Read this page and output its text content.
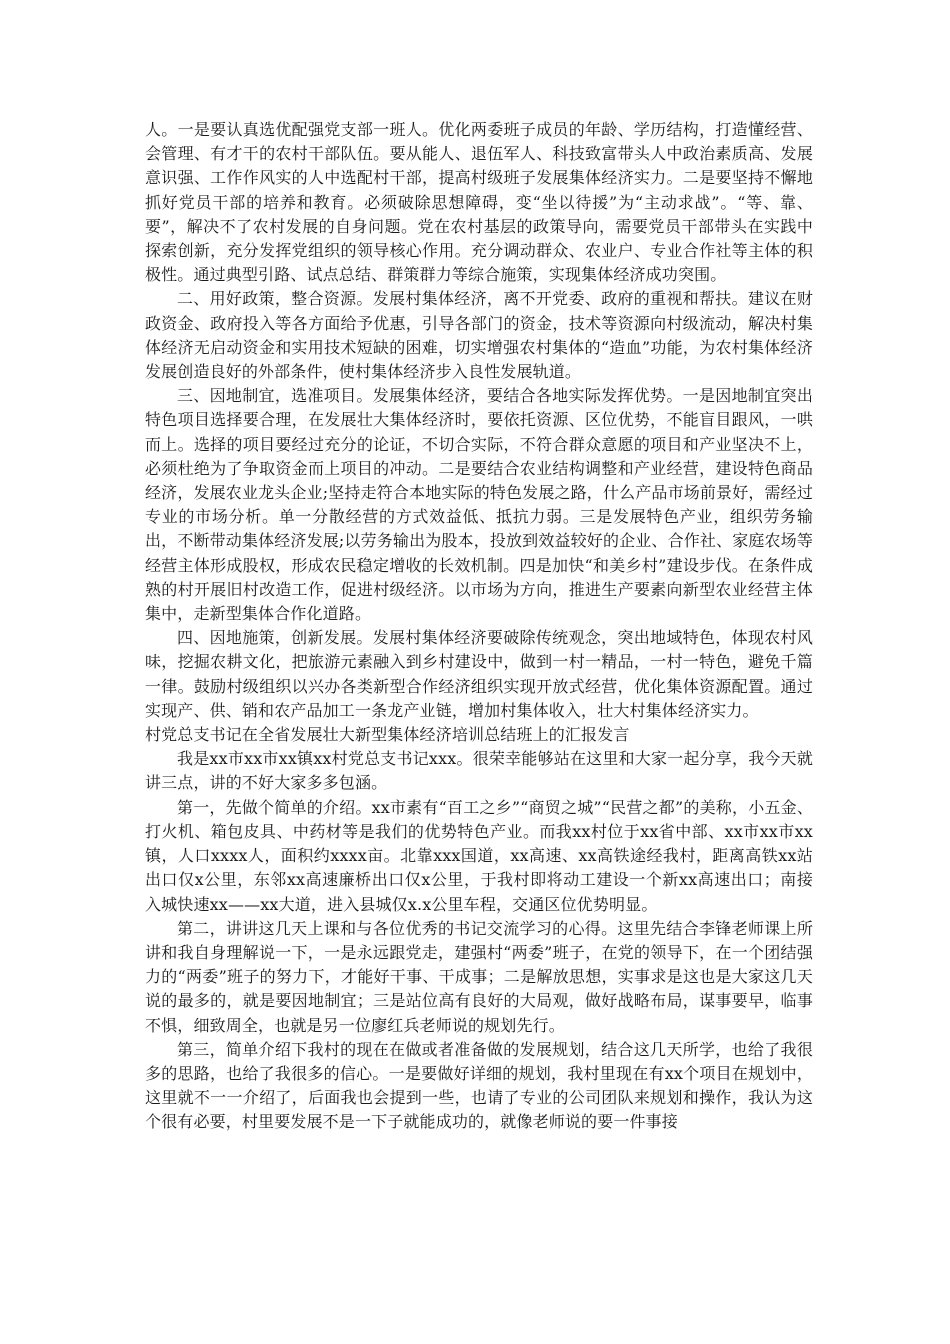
人。一是要认真选优配强党支部一班人。优化两委班子成员的年龄、学历结构，打造懂经营、会管理、有才干的农村干部队伍。要从能人、退伍军人、科技致富带头人中政治素质高、发展意识强、工作作风实的人中选配村干部，提高村级班子发展集体经济实力。二是要坚持不懈地抓好党员干部的培养和教育。必须破除思想障碍，变“坐以待援”为“主动求战”。“等、靠、要”，解决不了农村发展的自身问题。党在农村基层的政策导向，需要党员干部带头在实践中探索创新，充分发挥党组织的领导核心作用。充分调动群众、农业户、专业合作社等主体的积极性。通过典型引路、试点总结、群策群力等综合施策，实现集体经济成功突围。

二、用好政策，整合资源。发展村集体经济，离不开党委、政府的重视和帮扶。建议在财政资金、政府投入等各方面给予优惠，引导各部门的资金，技术等资源向村级流动，解决村集体经济无启动资金和实用技术短缺的困难，切实增强农村集体的“造血”功能，为农村集体经济发展创造良好的外部条件，使村集体经济步入良性发展轨道。

三、因地制宜，选准项目。发展集体经济，要结合各地实际发挥优势。一是因地制宜突出特色项目选择要合理，在发展壮大集体经济时，要依托资源、区位优势，不能盲目跟风，一哄而上。选择的项目要经过充分的论证，不切合实际，不符合群众意愿的项目和产业坚决不上，必须杜绝为了争取资金而上项目的冲动。二是要结合农业结构调整和产业经营，建设特色商品经济，发展农业龙头企业;坚持走符合本地实际的特色发展之路，什么产品市场前景好，需经过专业的市场分析。单一分散经营的方式效益低、抵抗力弱。三是发展特色产业，组织劳务输出，不断带动集体经济发展;以劳务输出为股本，投放到效益较好的企业、合作社、家庭农场等经营主体形成股权，形成农民稳定增收的长效机制。四是加快“和美乡村”建设步伐。在条件成熟的村开展旧村改造工作，促进村级经济。以市场为方向，推进生产要素向新型农业经营主体集中，走新型集体合作化道路。

四、因地施策，创新发展。发展村集体经济要破除传统观念，突出地域特色，体现农村风味，挖掘农耕文化，把旅游元素融入到乡村建设中，做到一村一精品，一村一特色，避免千篇一律。鼓励村级组织以兴办各类新型合作经济组织实现开放式经营，优化集体资源配置。通过实现产、供、销和农产品加工一条龙产业链，增加村集体收入，壮大村集体经济实力。

村党总支书记在全省发展壮大新型集体经济培训总结班上的汇报发言

我是xx市xx市xx镇xx村党总支书记xxx。很荣幸能够站在这里和大家一起分享，我今天就讲三点，讲的不好大家多多包涵。

第一，先做个简单的介绍。xx市素有“百工之乡”“商贸之城”“民营之都”的美称，小五金、打火机、箱包皮具、中药材等是我们的优势特色产业。而我xx村位于xx省中部、xx市xx市xx镇，人口xxxx人，面积约xxxx亩。北靠xxx国道，xx高速、xx高铁途经我村，距离高铁xx站出口仅x公里，东邻xx高速廉桥出口仅x公里，于我村即将动工建设一个新xx高速出口；南接入城快速xx——xx大道，进入县城仅x.x公里车程，交通区位优势明显。

第二，讲讲这几天上课和与各位优秀的书记交流学习的心得。这里先结合李锋老师课上所讲和我自身理解说一下，一是永远跟党走，建强村“两委”班子，在党的领导下，在一个团结强力的“两委”班子的努力下，才能好干事、干成事；二是解放思想，实事求是这也是大家这几天说的最多的，就是要因地制宜；三是站位高有良好的大局观，做好战略布局，谋事要早，临事不惧，细致周全，也就是另一位廖红兵老师说的规划先行。

第三，简单介绍下我村的现在在做或者准备做的发展规划，结合这几天所学，也给了我很多的思路，也给了我很多的信心。一是要做好详细的规划，我村里现在有xx个项目在规划中，这里就不一一介绍了，后面我也会提到一些，也请了专业的公司团队来规划和操作，我认为这个很有必要，村里要发展不是一下子就能成功的，就像老师说的要一件事接
